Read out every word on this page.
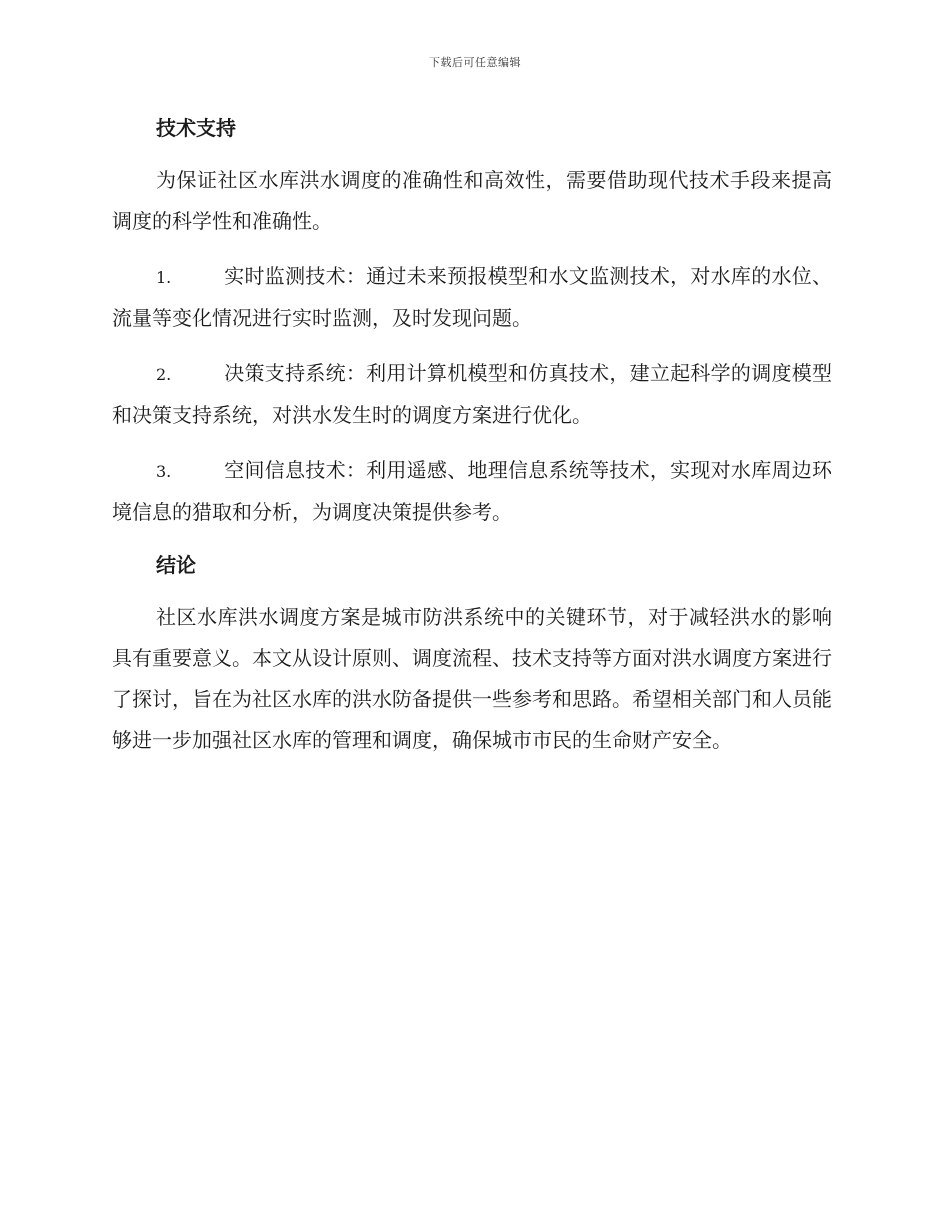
下载后可任意编辑
技术支持

为保证社区水库洪水调度的准确性和高效性，需要借助现代技术手段来提高调度的科学性和准确性。

1.	实时监测技术：通过未来预报模型和水文监测技术，对水库的水位、流量等变化情况进行实时监测，及时发现问题。

2.	决策支持系统：利用计算机模型和仿真技术，建立起科学的调度模型和决策支持系统，对洪水发生时的调度方案进行优化。

3.	空间信息技术：利用遥感、地理信息系统等技术，实现对水库周边环境信息的猎取和分析，为调度决策提供参考。

结论

社区水库洪水调度方案是城市防洪系统中的关键环节，对于减轻洪水的影响具有重要意义。本文从设计原则、调度流程、技术支持等方面对洪水调度方案进行了探讨，旨在为社区水库的洪水防备提供一些参考和思路。希望相关部门和人员能够进一步加强社区水库的管理和调度，确保城市市民的生命财产安全。
